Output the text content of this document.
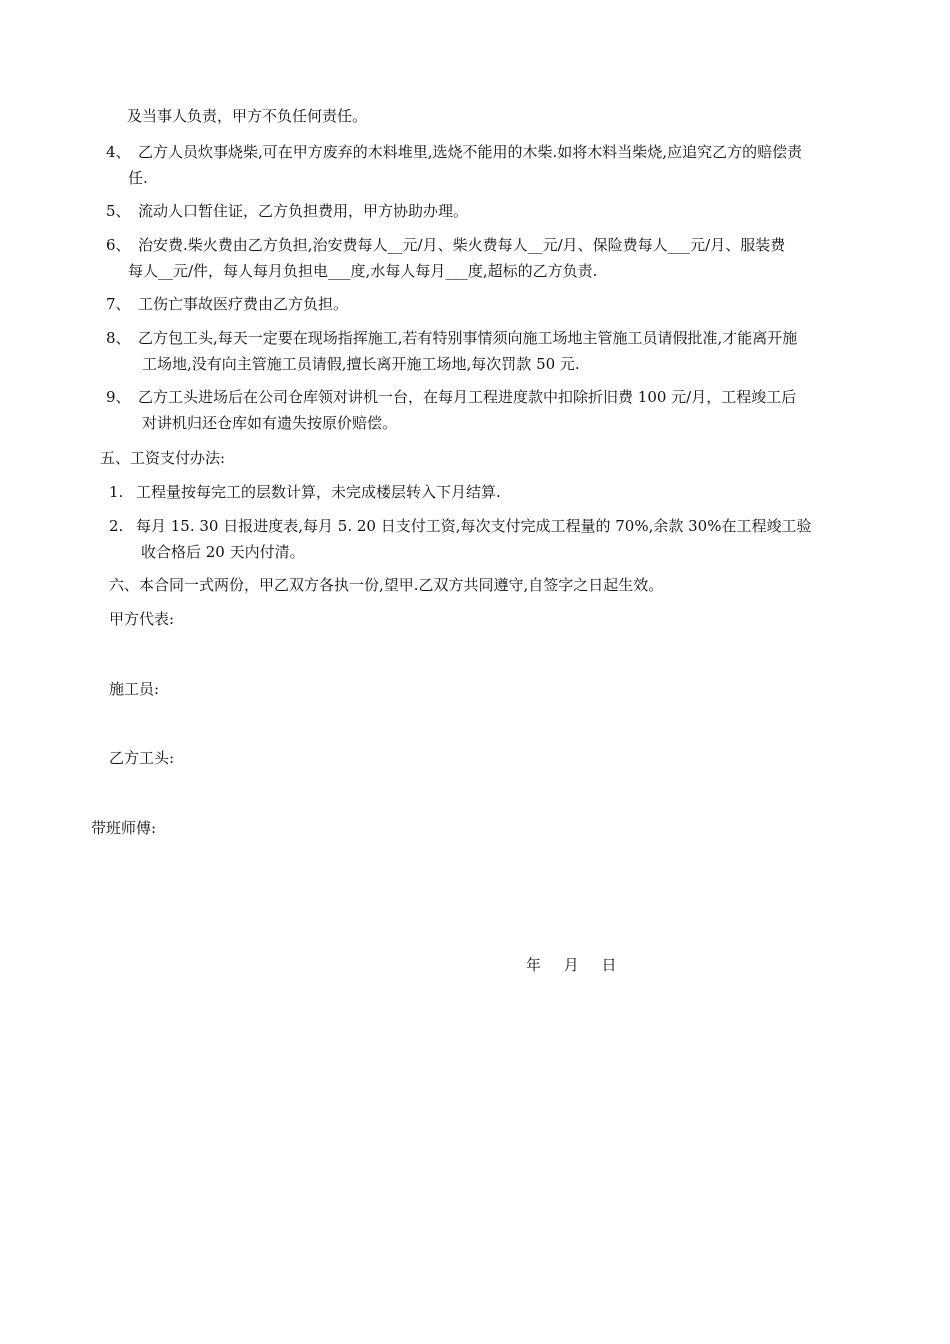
及当事人负责，甲方不负任何责任。
4、 乙方人员炊事烧柴,可在甲方废弃的木料堆里,选烧不能用的木柴.如将木料当柴烧,应追究乙方的赔偿责
任.
5、 流动人口暂住证，乙方负担费用，甲方协助办理。
6、 治安费.柴火费由乙方负担,治安费每人__元/月、柴火费每人__元/月、保险费每人___元/月、服装费
每人__元/件，每人每月负担电___度,水每人每月___度,超标的乙方负责.
7、 工伤亡事故医疗费由乙方负担。
8、 乙方包工头,每天一定要在现场指挥施工,若有特别事情须向施工场地主管施工员请假批准,才能离开施
工场地,没有向主管施工员请假,擅长离开施工场地,每次罚款 50 元.
9、 乙方工头进场后在公司仓库领对讲机一台，在每月工程进度款中扣除折旧费 100 元/月，工程竣工后
对讲机归还仓库如有遗失按原价赔偿。
五、工资支付办法:
1. 工程量按每完工的层数计算，未完成楼层转入下月结算.
2. 每月 15. 30 日报进度表,每月 5. 20 日支付工资,每次支付完成工程量的 70%,余款 30%在工程竣工验
收合格后 20 天内付清。
六、本合同一式两份，甲乙双方各执一份,望甲.乙双方共同遵守,自签字之日起生效。
甲方代表:
施工员:
乙方工头:
带班师傅:
年　 月　 日
